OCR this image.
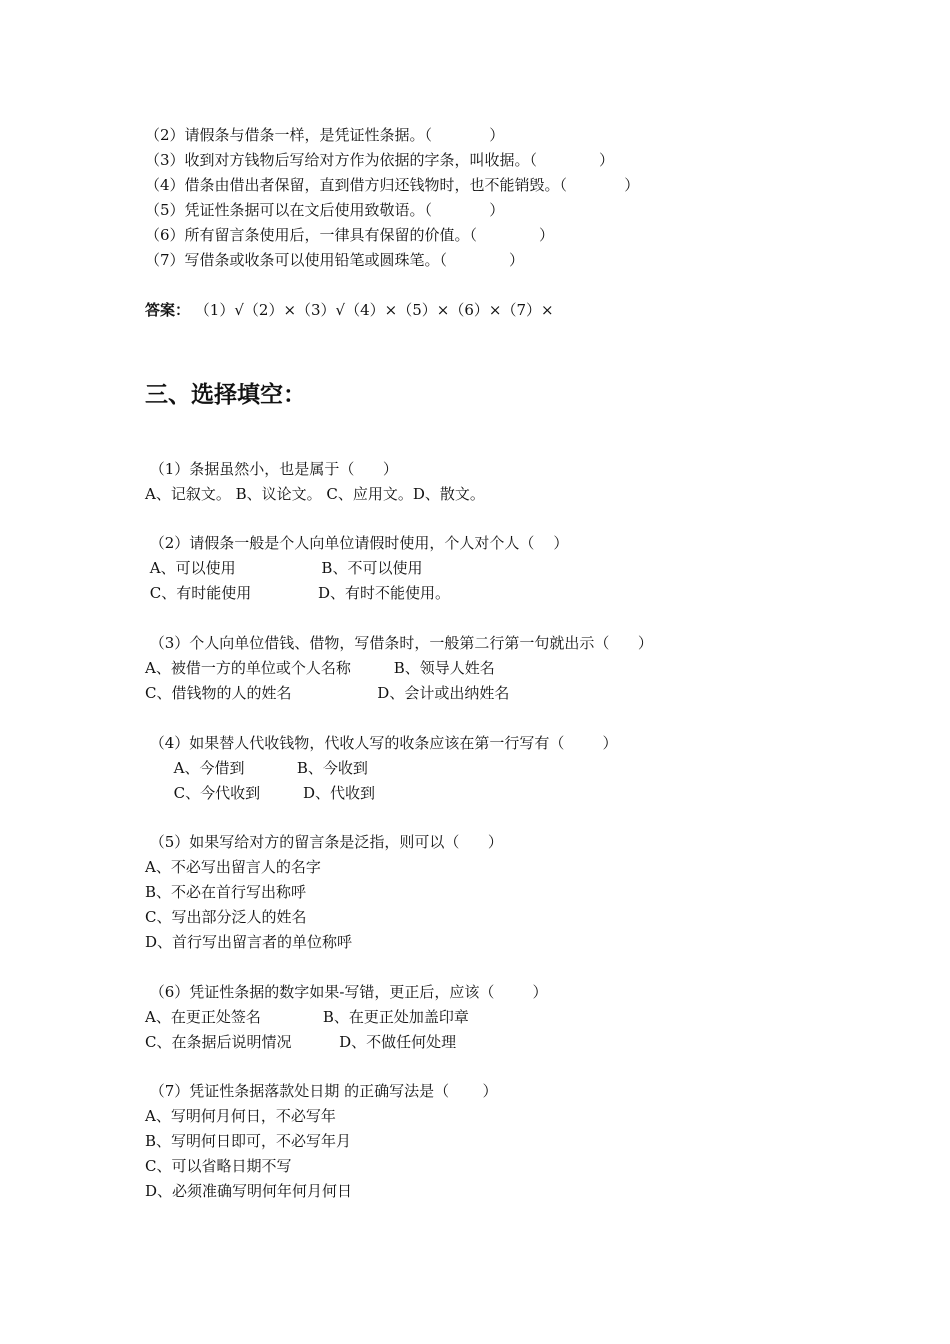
（2）请假条与借条一样，是凭证性条据。（            ）
（3）收到对方钱物后写给对方作为依据的字条，叫收据。（             ）
（4）借条由借出者保留，直到借方归还钱物时，也不能销毁。（            ）
（5）凭证性条据可以在文后使用致敬语。（            ）
（6）所有留言条使用后，一律具有保留的价值。（             ）
（7）写借条或收条可以使用铅笔或圆珠笔。（             ）
答案： （1）√（2）×（3）√（4）×（5）×（6）×（7）×
三、选择填空：
（1）条据虽然小，也是属于（      ）
A、记叙文。 B、议论文。 C、应用文。D、散文。
（2）请假条一般是个人向单位请假时使用，个人对个人（    ）
A、可以使用                  B、不可以使用
C、有时能使用              D、有时不能使用。
（3）个人向单位借钱、借物，写借条时，一般第二行第一句就出示（      ）
A、被借一方的单位或个人名称         B、领导人姓名
C、借钱物的人的姓名                  D、会计或出纳姓名
（4）如果替人代收钱物，代收人写的收条应该在第一行写有（        ）
A、今借到           B、今收到
C、今代收到         D、代收到
（5）如果写给对方的留言条是泛指，则可以（      ）
A、不必写出留言人的名字
B、不必在首行写出称呼
C、写出部分泛人的姓名
D、首行写出留言者的单位称呼
（6）凭证性条据的数字如果-写错，更正后，应该（        ）
A、在更正处签名             B、在更正处加盖印章
C、在条据后说明情况          D、不做任何处理
（7）凭证性条据落款处日期 的正确写法是（       ）
A、写明何月何日，不必写年
B、写明何日即可，不必写年月
C、可以省略日期不写
D、必须准确写明何年何月何日
